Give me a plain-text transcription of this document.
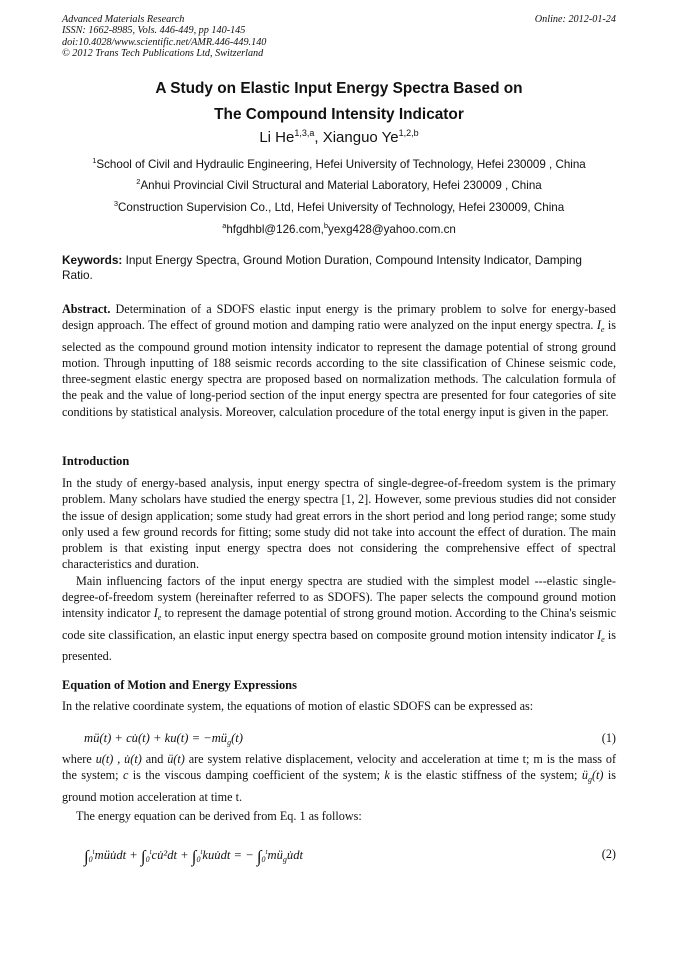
Advanced Materials Research
ISSN: 1662-8985, Vols. 446-449, pp 140-145
doi:10.4028/www.scientific.net/AMR.446-449.140
© 2012 Trans Tech Publications Ltd, Switzerland
Online: 2012-01-24
A Study on Elastic Input Energy Spectra Based on
The Compound Intensity Indicator
Li He$^{1,3,a}$, Xianguo Ye$^{1,2,b}$
$^1$School of Civil and Hydraulic Engineering, Hefei University of Technology, Hefei 230009 , China
$^2$Anhui Provincial Civil Structural and Material Laboratory, Hefei 230009 , China
$^3$Construction Supervision Co., Ltd, Hefei University of Technology, Hefei 230009, China
$^a$hfgdhbl@126.com,$^b$yexg428@yahoo.com.cn
Keywords: Input Energy Spectra, Ground Motion Duration, Compound Intensity Indicator, Damping Ratio.

Abstract. Determination of a SDOFS elastic input energy is the primary problem to solve for energy-based design approach. The effect of ground motion and damping ratio were analyzed on the input energy spectra. $I_e$ is selected as the compound ground motion intensity indicator to represent the damage potential of strong ground motion. Through inputting of 188 seismic records according to the site classification of Chinese seismic code, three-segment elastic energy spectra are proposed based on normalization methods. The calculation formula of the peak and the value of long-period section of the input energy spectra are presented for four categories of site conditions by statistical analysis. Moreover, calculation procedure of the total energy input is given in the paper.

Introduction

In the study of energy-based analysis, input energy spectra of single-degree-of-freedom system is the primary problem. Many scholars have studied the energy spectra [1, 2]. However, some previous studies did not consider the issue of design application; some study had great errors in the short period and long period range; some study only used a few ground records for fitting; some study did not take into account the effect of duration. The main problem is that existing input energy spectra does not considering the comprehensive effect of spectral characteristics and duration.

Main influencing factors of the input energy spectra are studied with the simplest model ---elastic single-degree-of-freedom system (hereinafter referred to as SDOFS). The paper selects the compound ground motion intensity indicator $I_e$ to represent the damage potential of strong ground motion. According to the China's seismic code site classification, an elastic input energy spectra based on composite ground motion intensity indicator $I_e$ is presented.

Equation of Motion and Energy Expressions
In the relative coordinate system, the equations of motion of elastic SDOFS can be expressed as:
mü(t) + cu̇(t) + $ku(t) = -mü_g(t)$	(1)

where u(t) , u̇(t) and ü(t) are system relative displacement, velocity and acceleration at time t; m is the mass of the system; c is the viscous damping coefficient of the system; k is the elastic stiffness of the system; $ü_g(t)$ is ground motion acceleration at time t.

The energy equation can be derived from Eq. 1 as follows:
$\int_0^tmüu̇dt$ + $\int_0^tcu̇^2dt$ + $\int_0^tkuu̇dt$ = − $\int_0^tmü_gu̇dt$	(2)
